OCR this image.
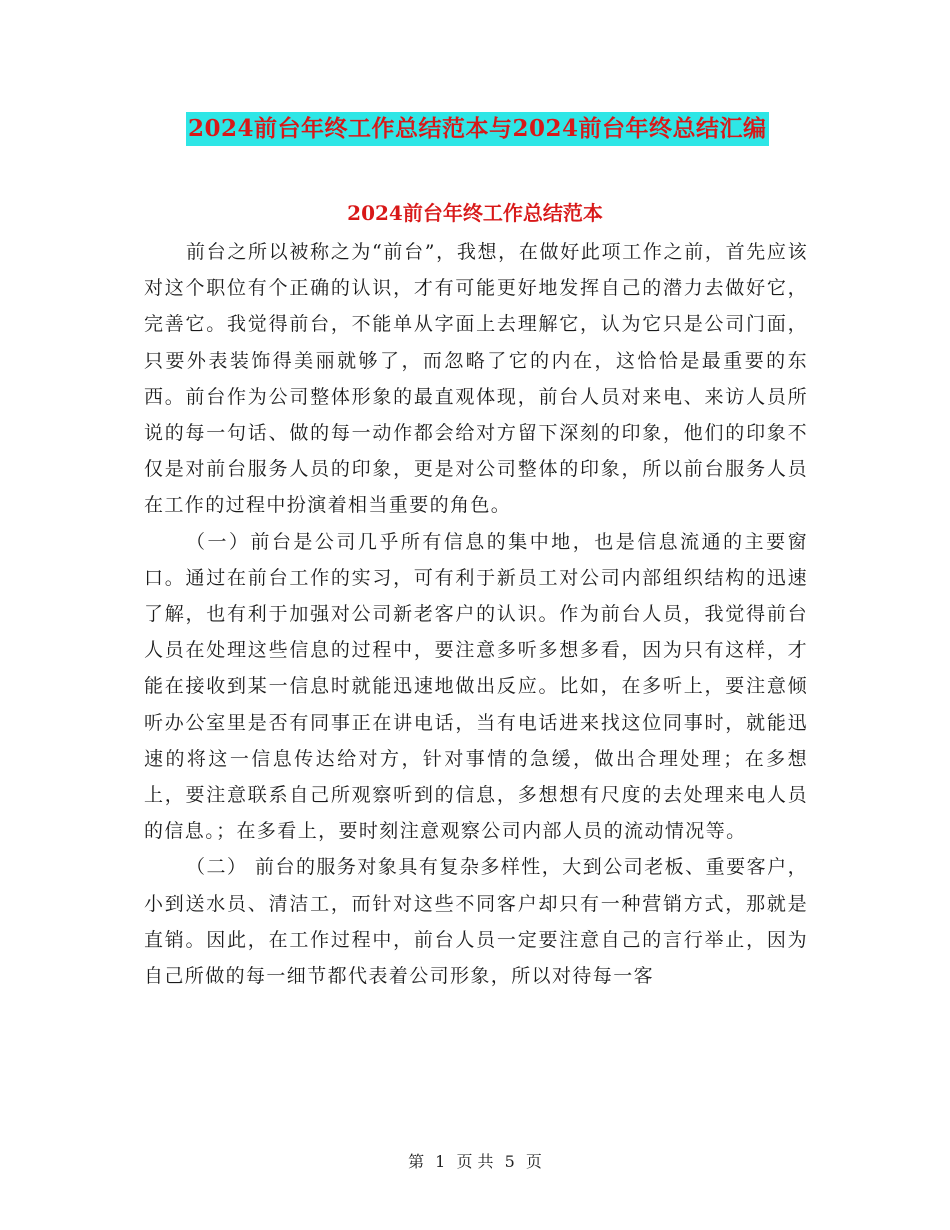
2024前台年终工作总结范本与2024前台年终总结汇编
2024前台年终工作总结范本

前台之所以被称之为“前台”，我想，在做好此项工作之前，首先应该对这个职位有个正确的认识，才有可能更好地发挥自己的潜力去做好它，完善它。我觉得前台，不能单从字面上去理解它，认为它只是公司门面，只要外表装饰得美丽就够了，而忽略了它的内在，这恰恰是最重要的东西。前台作为公司整体形象的最直观体现，前台人员对来电、来访人员所说的每一句话、做的每一动作都会给对方留下深刻的印象，他们的印象不仅是对前台服务人员的印象，更是对公司整体的印象，所以前台服务人员在工作的过程中扮演着相当重要的角色。

（一）前台是公司几乎所有信息的集中地，也是信息流通的主要窗口。通过在前台工作的实习，可有利于新员工对公司内部组织结构的迅速了解，也有利于加强对公司新老客户的认识。作为前台人员，我觉得前台人员在处理这些信息的过程中，要注意多听多想多看，因为只有这样，才能在接收到某一信息时就能迅速地做出反应。比如，在多听上，要注意倾听办公室里是否有同事正在讲电话，当有电话进来找这位同事时，就能迅速的将这一信息传达给对方，针对事情的急缓，做出合理处理；在多想上，要注意联系自己所观察听到的信息，多想想有尺度的去处理来电人员的信息。；在多看上，要时刻注意观察公司内部人员的流动情况等。

（二） 前台的服务对象具有复杂多样性，大到公司老板、重要客户，小到送水员、清洁工，而针对这些不同客户却只有一种营销方式，那就是直销。因此，在工作过程中，前台人员一定要注意自己的言行举止，因为自己所做的每一细节都代表着公司形象，所以对待每一客

第 1 页 共 5 页
